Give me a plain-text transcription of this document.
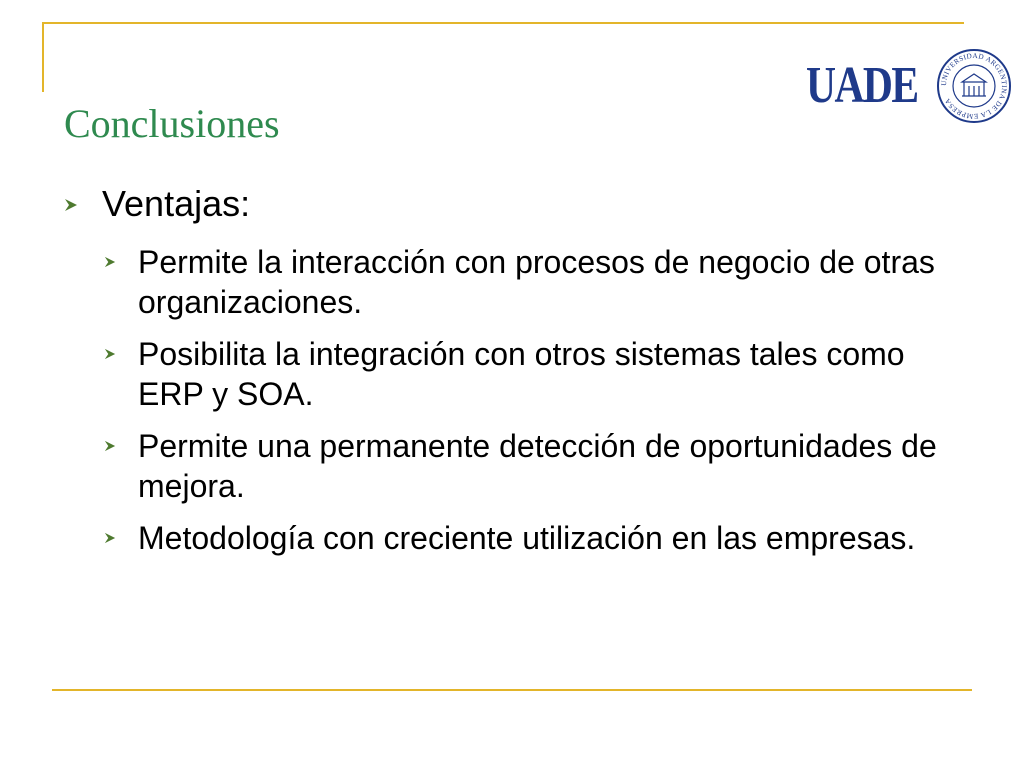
Conclusiones
UADE	UNIVERSIDAD ARGENTINA DE LA EMPRESA
Ventajas:
Permite la interacción con procesos de negocio de otras organizaciones.
Posibilita la integración con otros sistemas tales como ERP y SOA.
Permite una permanente detección de oportunidades de mejora.
Metodología con creciente utilización en las empresas.
